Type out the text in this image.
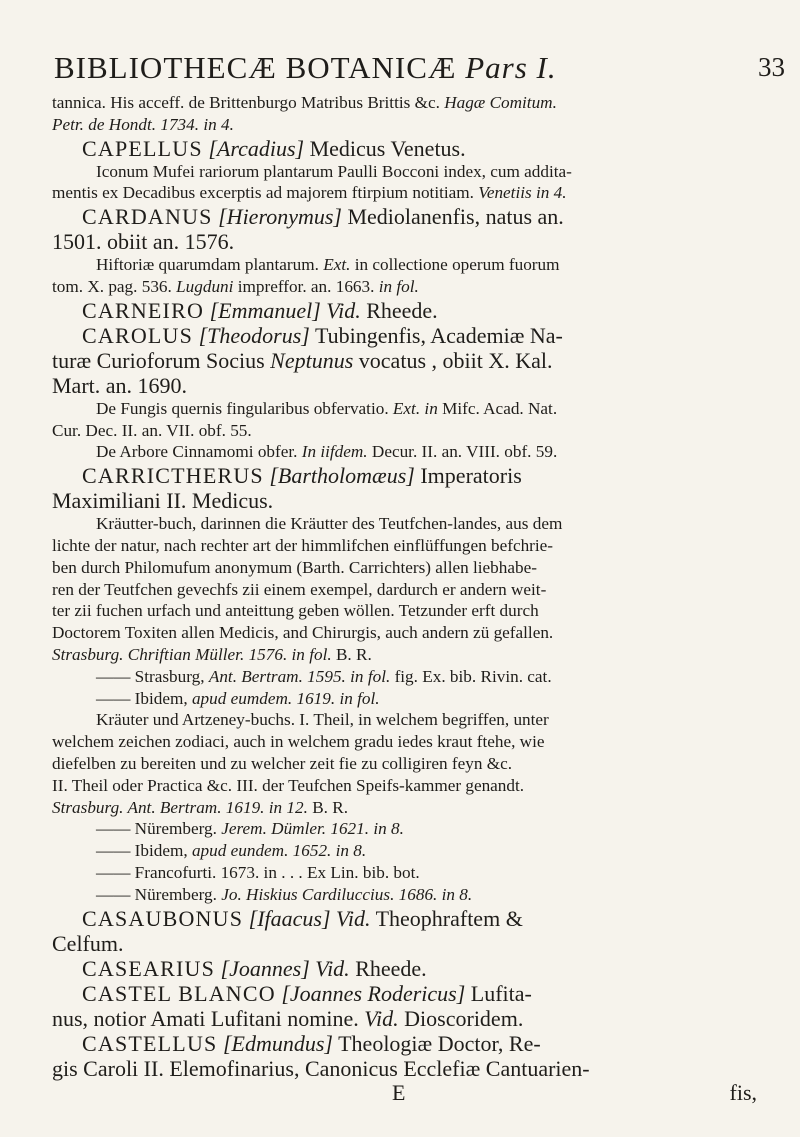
BIBLIOTHECÆ BOTANICÆ Pars I.	33
tannica. His acceff. de Brittenburgo Matribus Brittis &c. Hagæ Comitum.
Petr. de Hondt. 1734. in 4.
CAPELLUS [Arcadius] Medicus Venetus.
Iconum Mufei rariorum plantarum Paulli Bocconi index, cum addita-
mentis ex Decadibus excerptis ad majorem ftirpium notitiam. Venetiis in 4.
CARDANUS [Hieronymus] Mediolanenfis, natus an.
1501. obiit an. 1576.
Hiftoriæ quarumdam plantarum. Ext. in collectione operum fuorum
tom. X. pag. 536. Lugduni impreffor. an. 1663. in fol.
CARNEIRO [Emmanuel] Vid. Rheede.
CAROLUS [Theodorus] Tubingenfis, Academiæ Na-
turæ Curioforum Socius Neptunus vocatus , obiit X. Kal.
Mart. an. 1690.
De Fungis quernis fingularibus obfervatio. Ext. in Mifc. Acad. Nat.
Cur. Dec. II. an. VII. obf. 55.
De Arbore Cinnamomi obfer. In iifdem. Decur. II. an. VIII. obf. 59.
CARRICTHERUS [Bartholomæus] Imperatoris
Maximiliani II. Medicus.
Kräutter-buch, darinnen die Kräutter des Teutfchen-landes, aus dem
lichte der natur, nach rechter art der himmlifchen einflüffungen befchrie-
ben durch Philomufum anonymum (Barth. Carrichters) allen liebhabe-
ren der Teutfchen gevechfs zii einem exempel, dardurch er andern weit-
ter zii fuchen urfach und anteittung geben wöllen. Tetzunder erft durch
Doctorem Toxiten allen Medicis, and Chirurgis, auch andern zü gefallen.
Strasburg. Chriftian Müller. 1576. in fol. B. R.
—— Strasburg, Ant. Bertram. 1595. in fol. fig. Ex. bib. Rivin. cat.
—— Ibidem, apud eumdem. 1619. in fol.
Kräuter und Artzeney-buchs. I. Theil, in welchem begriffen, unter
welchem zeichen zodiaci, auch in welchem gradu iedes kraut ftehe, wie
diefelben zu bereiten und zu welcher zeit fie zu colligiren feyn &c.
II. Theil oder Practica &c. III. der Teufchen Speifs-kammer genandt.
Strasburg. Ant. Bertram. 1619. in 12. B. R.
—— Nüremberg. Jerem. Dümler. 1621. in 8.
—— Ibidem, apud eundem. 1652. in 8.
—— Francofurti. 1673. in . . . Ex Lin. bib. bot.
—— Nüremberg. Jo. Hiskius Cardiluccius. 1686. in 8.
CASAUBONUS [Ifaacus] Vid. Theophraftem &
Celfum.
CASEARIUS [Joannes] Vid. Rheede.
CASTEL BLANCO [Joannes Rodericus] Lufita-
nus, notior Amati Lufitani nomine. Vid. Dioscoridem.
CASTELLUS [Edmundus] Theologiæ Doctor, Re-
gis Caroli II. Elemofinarius, Canonicus Ecclefiæ Cantuarien-
E	fis,
